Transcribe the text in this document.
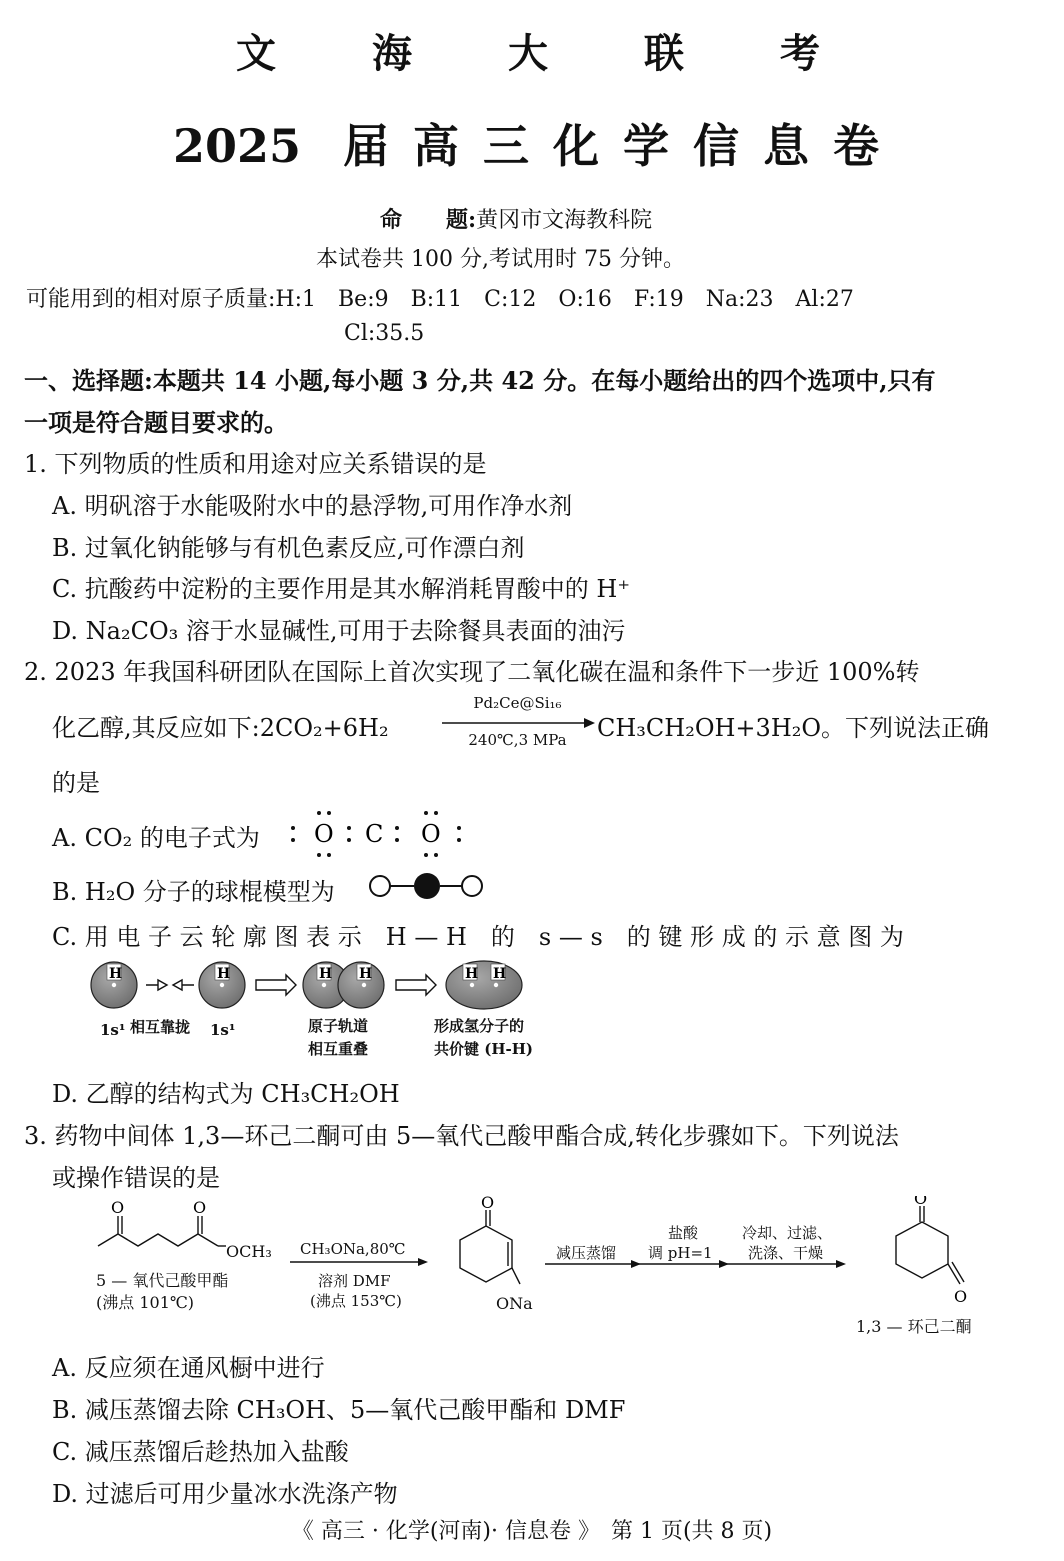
文 海 大 联 考
2025 届 高 三 化 学 信 息 卷
命　　题:黄冈市文海教科院
本试卷共 100 分,考试用时 75 分钟。
可能用到的相对原子质量:H:1　Be:9　B:11　C:12　O:16　F:19　Na:23　Al:27
Cl:35.5
一、选择题:本题共 14 小题,每小题 3 分,共 42 分。在每小题给出的四个选项中,只有
一项是符合题目要求的。
1. 下列物质的性质和用途对应关系错误的是
A. 明矾溶于水能吸附水中的悬浮物,可用作净水剂
B. 过氧化钠能够与有机色素反应,可作漂白剂
C. 抗酸药中淀粉的主要作用是其水解消耗胃酸中的 H⁺
D. Na₂CO₃ 溶于水显碱性,可用于去除餐具表面的油污
2. 2023 年我国科研团队在国际上首次实现了二氧化碳在温和条件下一步近 100%转
化乙醇,其反应如下:2CO₂+6H₂
Pd₂Ce@Si₁₆
240℃,3 MPa	CH₃CH₂OH+3H₂O。下列说法正确
的是
A. CO₂ 的电子式为 O C O
B. H₂O 分子的球棍模型为
C. 用 电 子 云 轮 廓 图 表 示　H — H　的　s — s　的 键 形 成 的 示 意 图 为
H	H	H H	H H
1s¹ 相互靠拢 1s¹	原子轨道
相互重叠
形成氢分子的
共价键 (H-H)
D. 乙醇的结构式为 CH₃CH₂OH
3. 药物中间体 1,3—环己二酮可由 5—氧代己酸甲酯合成,转化步骤如下。下列说法
或操作错误的是
O	O	O	O
O
OCH₃
5 — 氧代己酸甲酯
(沸点 101℃)
CH₃ONa,80℃
溶剂 DMF
(沸点 153℃)	ONa
减压蒸馏
盐酸
调 pH=1
冷却、过滤、
洗涤、干燥
1,3 — 环己二酮
A. 反应须在通风橱中进行
B. 减压蒸馏去除 CH₃OH、5—氧代己酸甲酯和 DMF
C. 减压蒸馏后趁热加入盐酸
D. 过滤后可用少量冰水洗涤产物
《 高三 · 化学(河南)· 信息卷 》　第 1 页(共 8 页)
